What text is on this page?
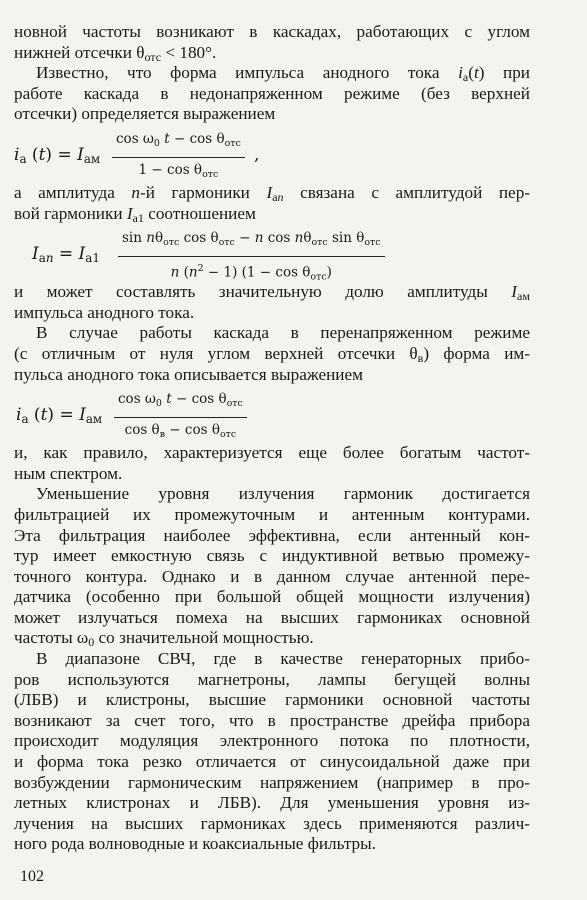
новной частоты возникают в каскадах, работающих с углом
нижней отсечки $\theta_{отс} < 180^\circ$.
Известно, что форма импульса анодного тока $i_a(t)$ при
работе каскада в недонапряженном режиме (без верхней
отсечки) определяется выражением
$i_a$ $(t) = I_{ам}$
$\cos \omega_0$ $t - \cos \theta_{отс}$
$1 - \cos \theta_{отс}$
,
а амплитуда n-й гармоники $I_{an}$ связана с амплитудой пер-
вой гармоники $I_{a1}$ соотношением
$I_{an} = I_{a1}$
$\sin n\theta_{отс}$ $\cos \theta_{отс} - n$ $\cos n\theta_{отс}$ $\sin \theta_{отс}$
n $(n^2 - 1) (1 - \cos \theta_{отс})$
и может составлять значительную долю амплитуды $I_{ам}$
импульса анодного тока.
В случае работы каскада в перенапряженном режиме
(с отличным от нуля углом верхней отсечки $\theta_в$) форма им-
пульса анодного тока описывается выражением
$i_a$ $(t) = I_{ам}$
$\cos \omega_0$ $t - \cos \theta_{отс}$
$\cos \theta_в - \cos \theta_{отс}$
и, как правило, характеризуется еще более богатым частот-
ным спектром.
Уменьшение уровня излучения гармоник достигается
фильтрацией их промежуточным и антенным контурами.
Эта фильтрация наиболее эффективна, если антенный кон-
тур имеет емкостную связь с индуктивной ветвью промежу-
точного контура. Однако и в данном случае антенной пере-
датчика (особенно при большой общей мощности излучения)
может излучаться помеха на высших гармониках основной
частоты $\omega_0$ со значительной мощностью.
В диапазоне СВЧ, где в качестве генераторных прибо-
ров используются магнетроны, лампы бегущей волны
(ЛБВ) и клистроны, высшие гармоники основной частоты
возникают за счет того, что в пространстве дрейфа прибора
происходит модуляция электронного потока по плотности,
и форма тока резко отличается от синусоидальной даже при
возбуждении гармоническим напряжением (например в про-
летных клистронах и ЛБВ). Для уменьшения уровня из-
лучения на высших гармониках здесь применяются различ-
ного рода волноводные и коаксиальные фильтры.
102
